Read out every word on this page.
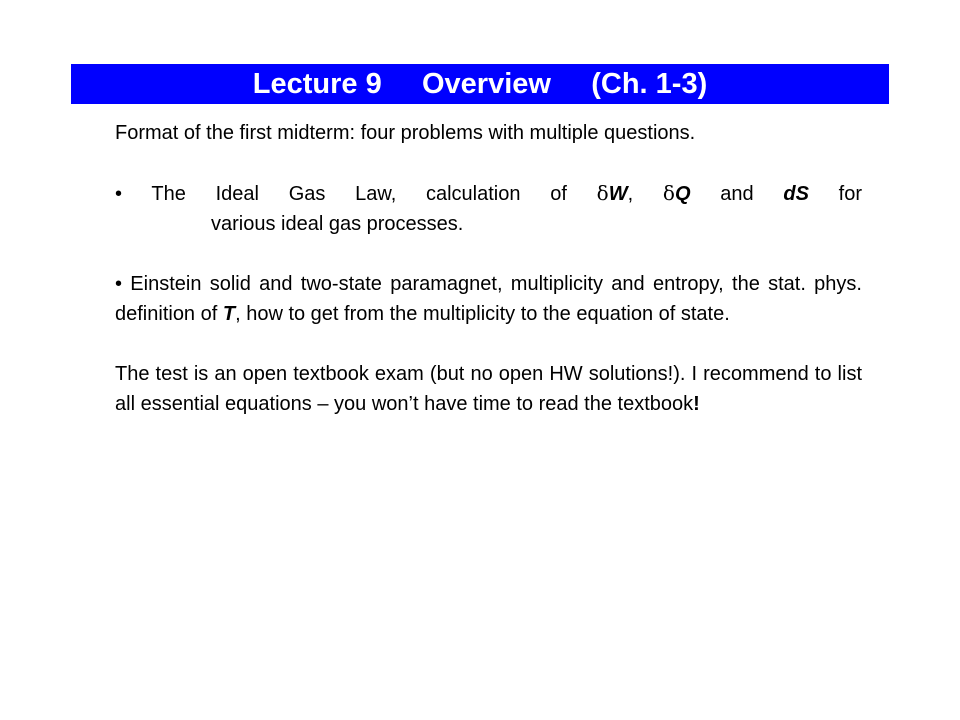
Lecture 9     Overview     (Ch. 1-3)

Format of the first midterm: four problems with multiple questions.

• The Ideal Gas Law, calculation of δW, δQ and dS for
various ideal gas processes.

• Einstein solid and two-state paramagnet, multiplicity and entropy, the stat. phys. definition of T, how to get from the multiplicity to the equation of state.

The test is an open textbook exam (but no open HW solutions!). I recommend to list all essential equations – you won’t have time to read the textbook!
